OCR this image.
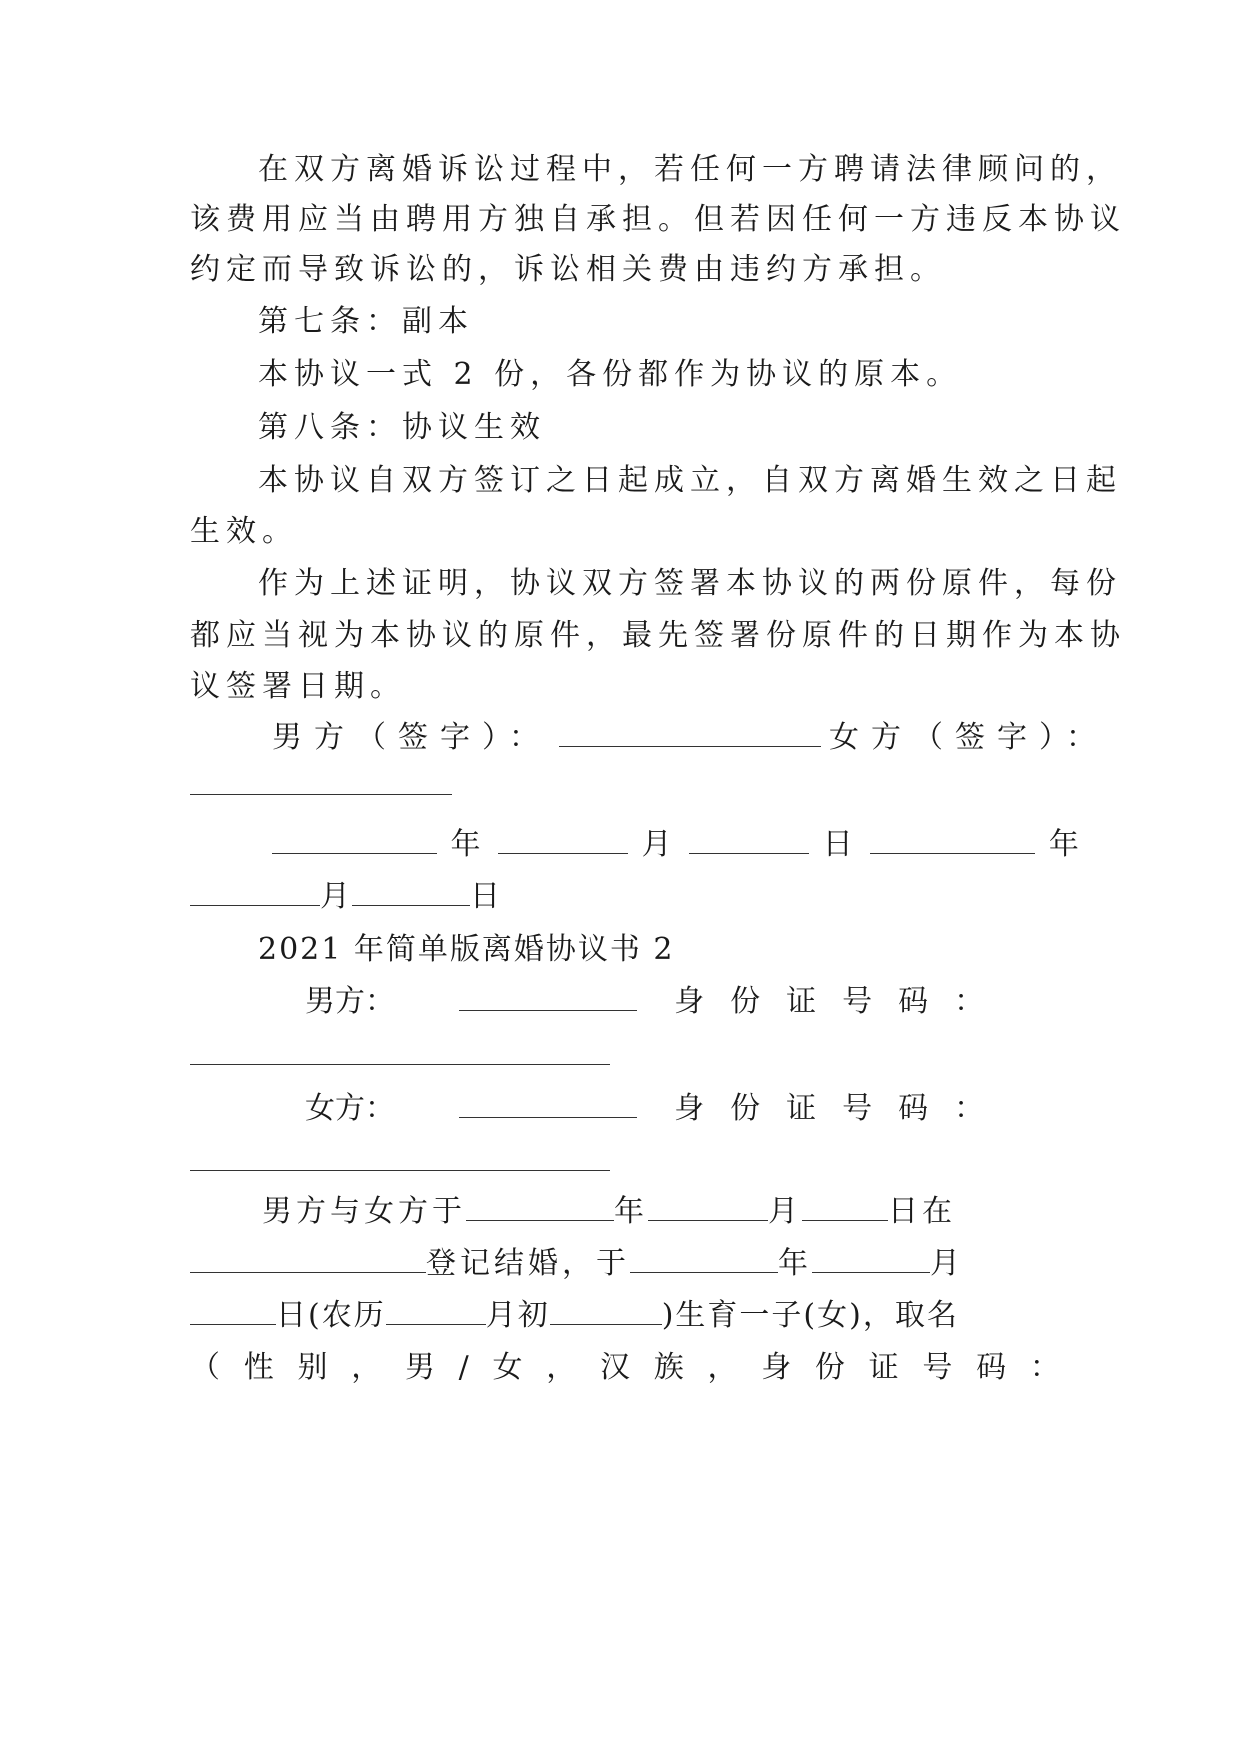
在双方离婚诉讼过程中，若任何一方聘请法律顾问的，
该费用应当由聘用方独自承担。但若因任何一方违反本协议
约定而导致诉讼的，诉讼相关费由违约方承担。
第七条：副本
本协议一式 2 份，各份都作为协议的原本。
第八条：协议生效
本协议自双方签订之日起成立，自双方离婚生效之日起
生效。
作为上述证明，协议双方签署本协议的两份原件，每份
都应当视为本协议的原件，最先签署份原件的日期作为本协
议签署日期。
男方（签字）：	女方（签字）：
年	月	日	年
月	日
2021 年简单版离婚协议书 2
男方：	身份证号码：
女方：	身份证号码：
男方与女方于	年	月	日在
登记结婚，于	年	月
日(农历	月初	)生育一子(女)，取名
（ 性 别 ， 男 / 女 ， 汉 族 ， 身 份 证 号 码 ：
